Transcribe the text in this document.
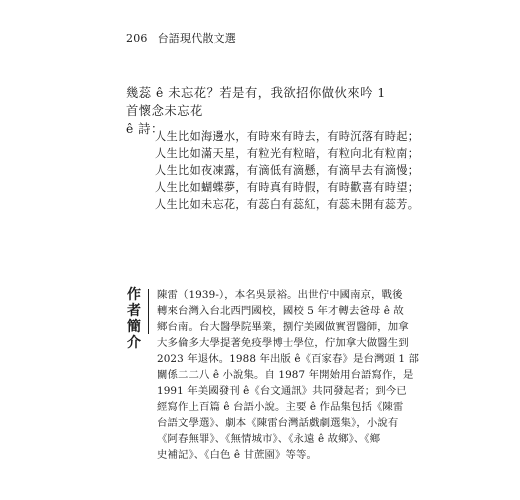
206 台語現代散文選

幾蕊 ê 未忘花？若是有，我欲招你做伙來吟 1 首懷念未忘花
ê 詩：

人生比如海邊水，有時來有時去，有時沉落有時起；
人生比如滿天星，有粒光有粒暗，有粒向北有粒南；
人生比如夜凍露，有滴低有滴懸，有滴早去有滴慢；
人生比如蝴蝶夢，有時真有時假，有時歡喜有時望；
人生比如未忘花，有蕊白有蕊紅，有蕊未開有蕊芳。
作
者
簡
介
陳雷（1939-），本名吳景裕。出世佇中國南京，戰後
轉來台灣入台北西門國校，國校 5 年才轉去爸母 ê 故
鄉台南。台大醫學院畢業，捌佇美國做實習醫師，加拿
大多倫多大學提著免疫學博士學位，佇加拿大做醫生到
2023 年退休。1988 年出版 ê《百家春》是台灣頭 1 部
關係二二八 ê 小說集。自 1987 年開始用台語寫作，是
1991 年美國發刊 ê《台文通訊》共同發起者；到今已
經寫作上百篇 ê 台語小說。主要 ê 作品集包括《陳雷
台語文學選》、劇本《陳雷台灣話戲劇選集》，小說有
《阿春無罪》、《無情城市》、《永遠 ê 故鄉》、《鄉
史補記》、《白色 ê 甘蔗園》等等。
